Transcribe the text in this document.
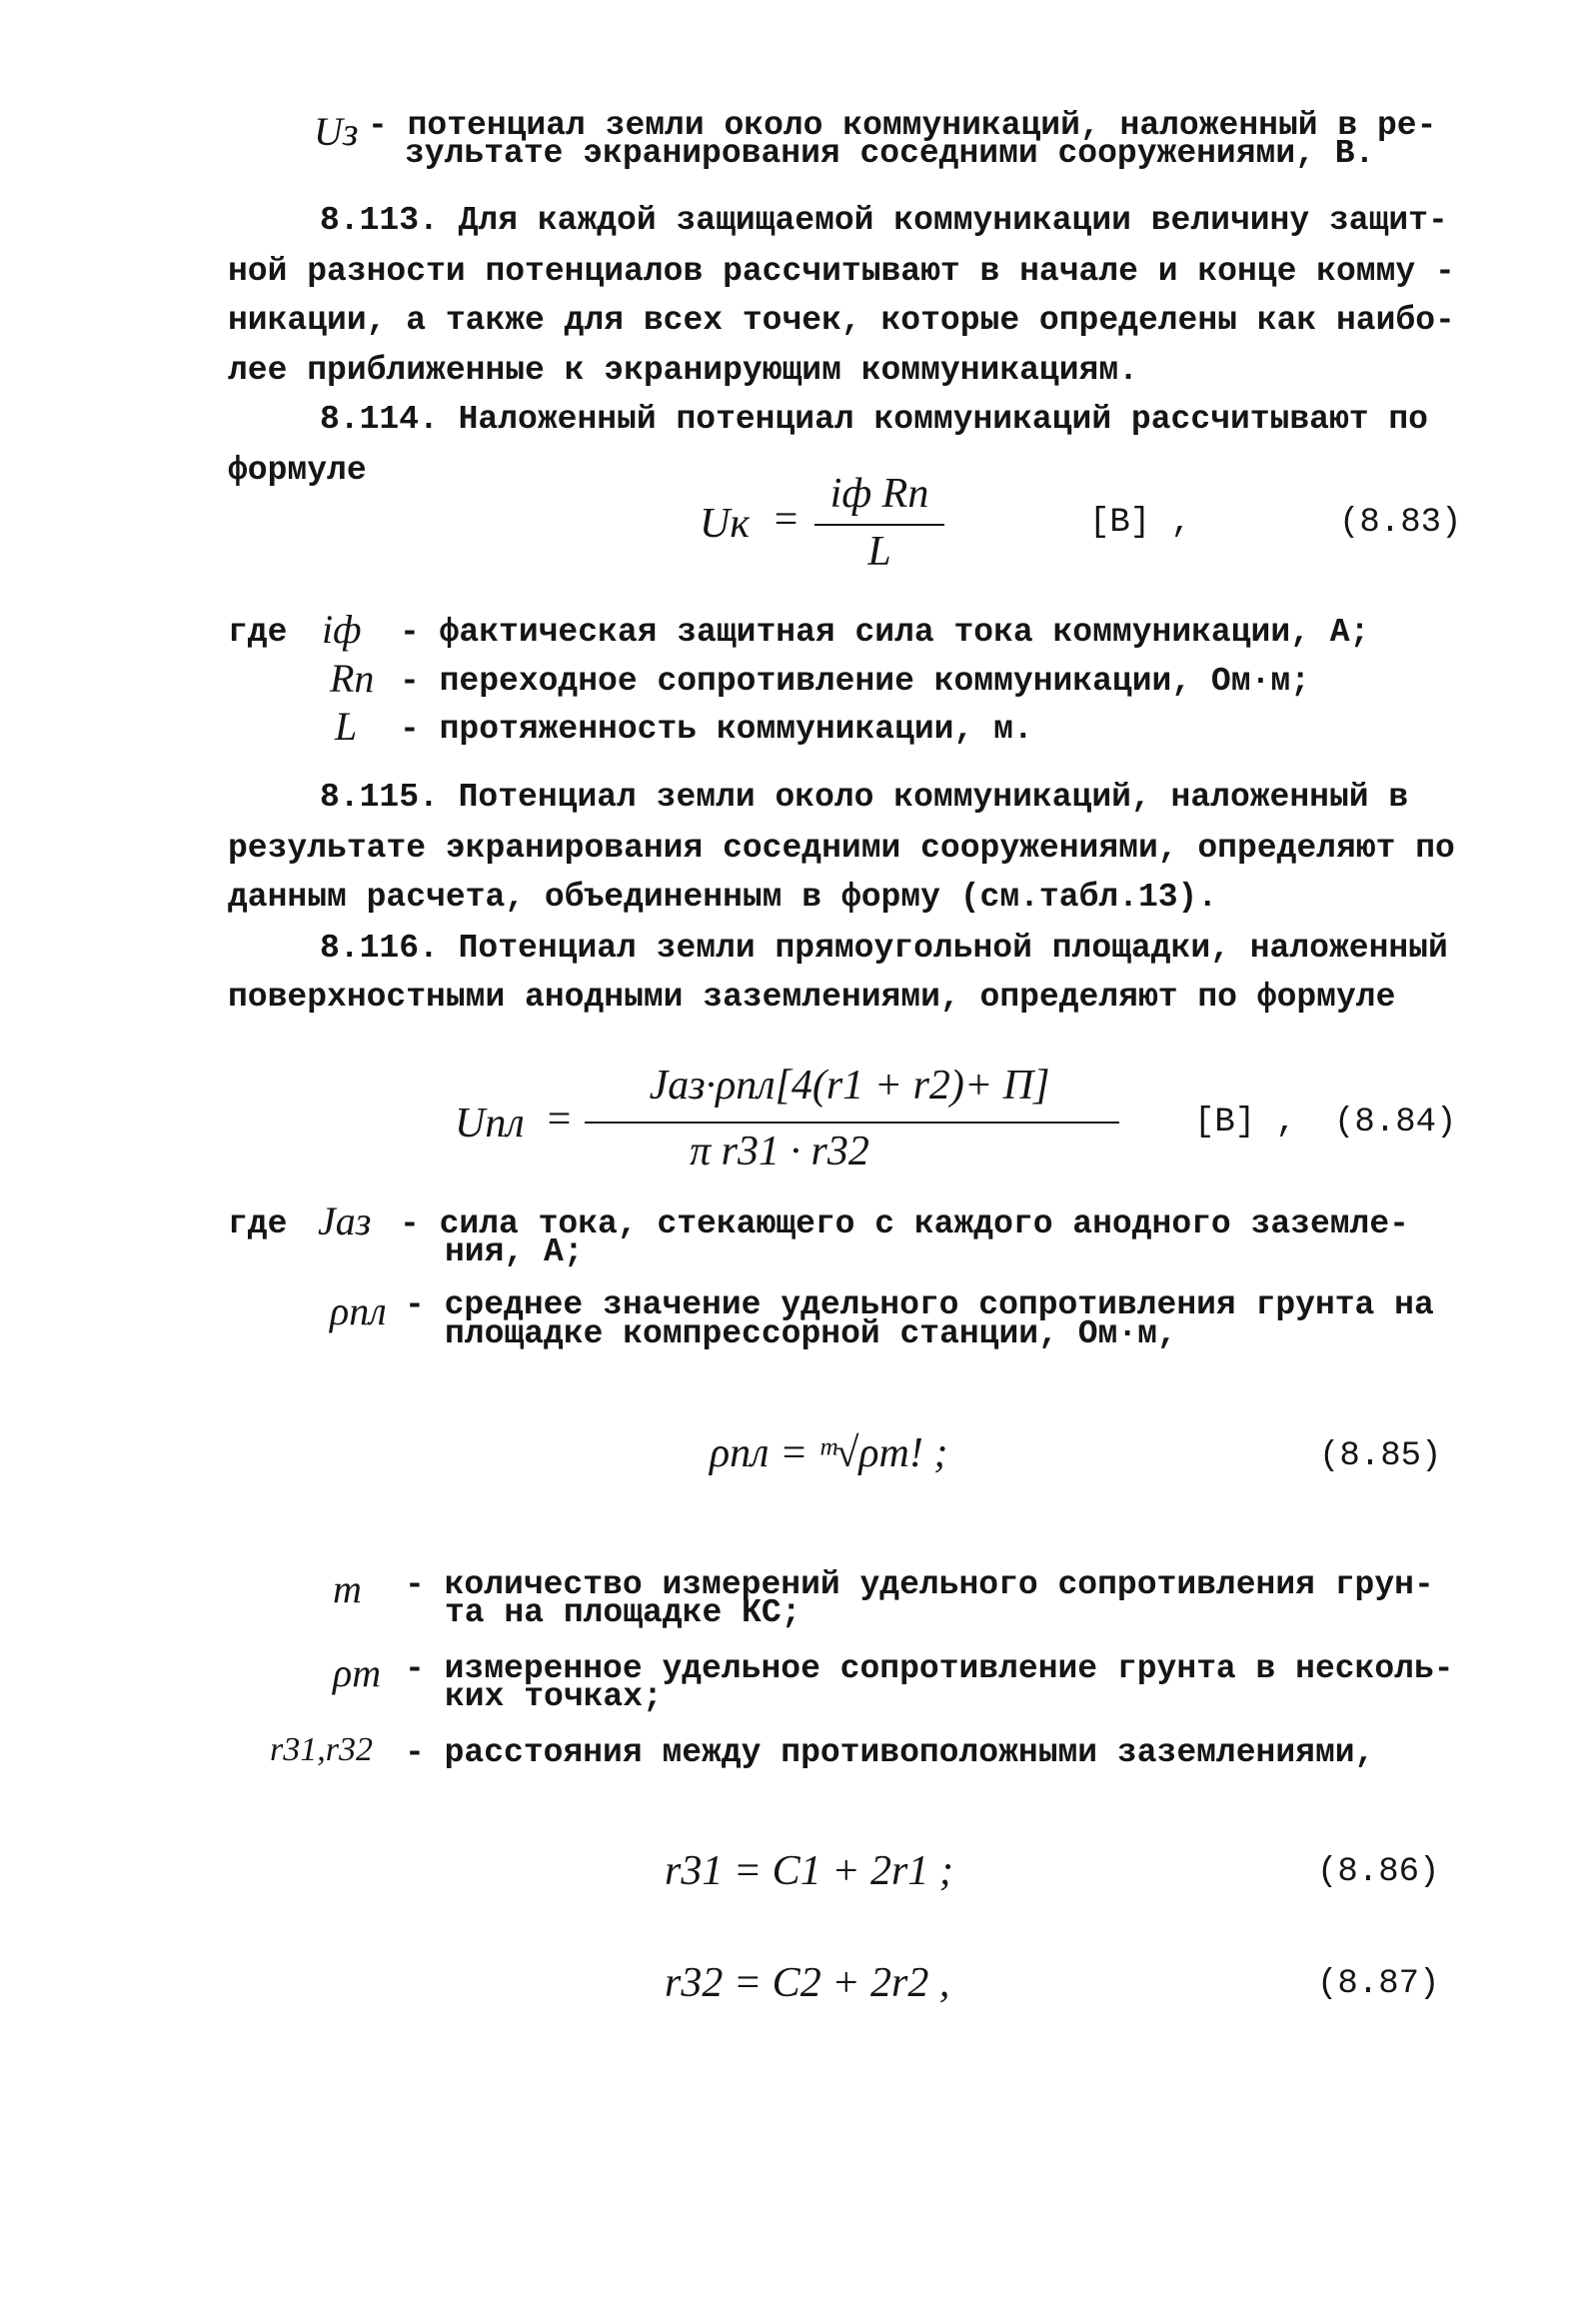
Uз - потенциал земли около коммуникаций, наложенный в ре-
зультате экранирования соседними сооружениями, В.
8.113. Для каждой защищаемой коммуникации величину защит-
ной разности потенциалов рассчитывают в начале и конце комму -
никации, а также для всех точек, которые определены как наибо-
лее приближенные к экранирующим коммуникациям.
8.114. Наложенный потенциал коммуникаций рассчитывают по
формуле
Uк =
iф Rп
L
[В] ,	(8.83)
где iф - фактическая защитная сила тока коммуникации, А;
Rп - переходное сопротивление коммуникации, Ом·м;
L - протяженность коммуникации, м.
8.115. Потенциал земли около коммуникаций, наложенный в
результате экранирования соседними сооружениями, определяют по
данным расчета, объединенным в форму (см.табл.13).
8.116. Потенциал земли прямоугольной площадки, наложенный
поверхностными анодными заземлениями, определяют по формуле
Uпл =
Jаз·ρпл[4(r1 + r2)+ П]
π r31 · r32
[В] , (8.84)
где Jаз - сила тока, стекающего с каждого анодного заземле-
ния, А;
ρпл - среднее значение удельного сопротивления грунта на
площадке компрессорной станции, Ом·м,
ρпл = ᵐ√ρm! ;	(8.85)
m - количество измерений удельного сопротивления грун-
та на площадке КС;
ρm - измеренное удельное сопротивление грунта в несколь-
ких точках;
r31,r32 - расстояния между противоположными заземлениями,
r31 = C1 + 2r1 ;	(8.86)
r32 = C2 + 2r2 ,	(8.87)
